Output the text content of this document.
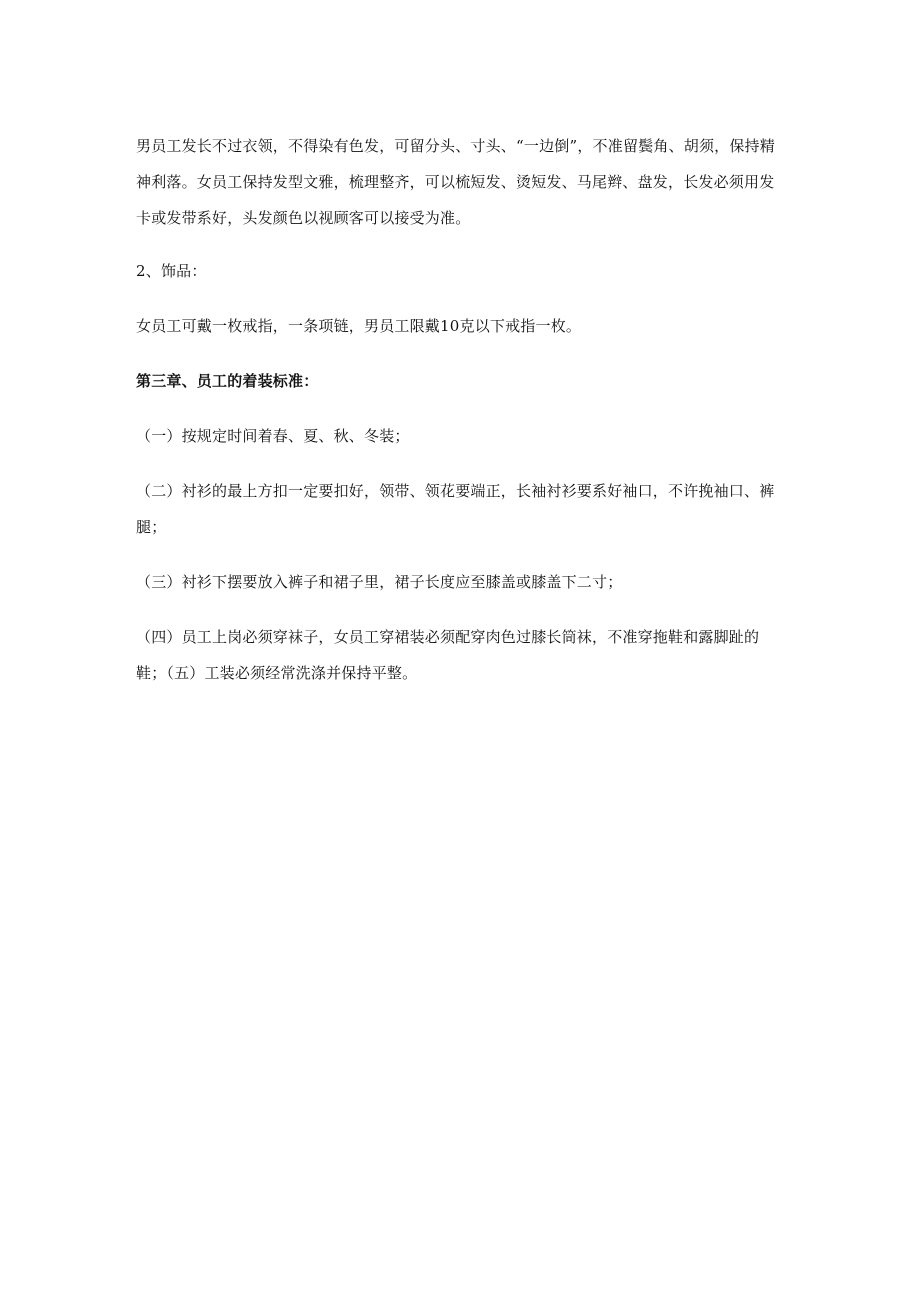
男员工发长不过衣领，不得染有色发，可留分头、寸头、“一边倒”，不准留鬓角、胡须，保持精神利落。女员工保持发型文雅，梳理整齐，可以梳短发、烫短发、马尾辫、盘发，长发必须用发卡或发带系好，头发颜色以视顾客可以接受为准。

2、饰品：

女员工可戴一枚戒指，一条项链，男员工限戴10克以下戒指一枚。

第三章、员工的着装标准：

（一）按规定时间着春、夏、秋、冬装；

（二）衬衫的最上方扣一定要扣好，领带、领花要端正，长袖衬衫要系好袖口，不许挽袖口、裤腿；

（三）衬衫下摆要放入裤子和裙子里，裙子长度应至膝盖或膝盖下二寸；

（四）员工上岗必须穿袜子，女员工穿裙装必须配穿肉色过膝长筒袜，不准穿拖鞋和露脚趾的鞋；（五）工装必须经常洗涤并保持平整。
